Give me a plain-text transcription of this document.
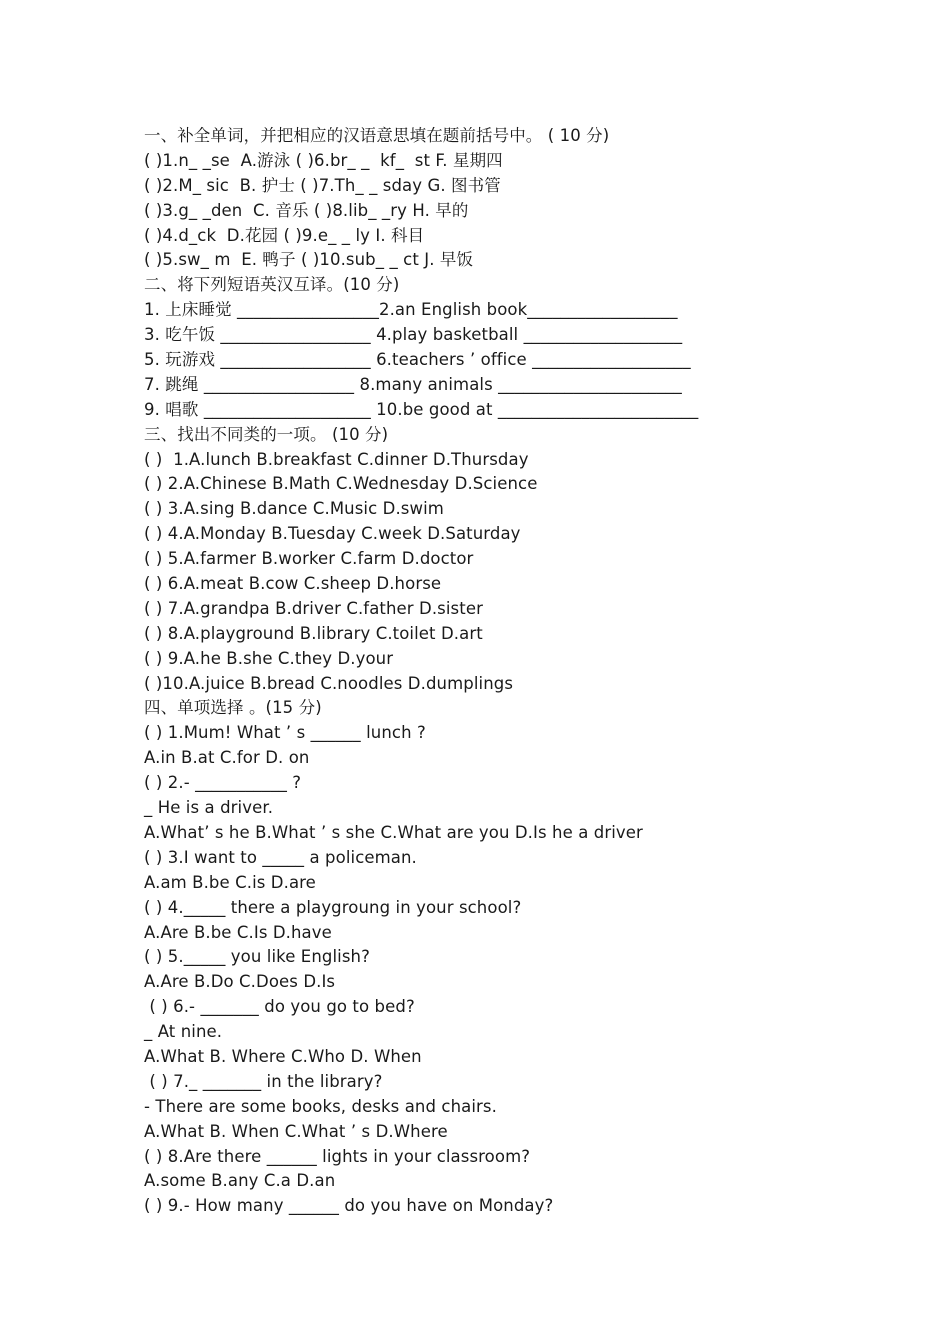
一、补全单词，并把相应的汉语意思填在题前括号中。 ( 10 分)
( )1.n_ _se  A.游泳 ( )6.br_ _  kf_  st F. 星期四
( )2.M_ sic  B. 护士 ( )7.Th_ _ sday G. 图书管
( )3.g_ _den  C. 音乐 ( )8.lib_ _ry H. 早的
( )4.d_ck  D.花园 ( )9.e_ _ ly I. 科目
( )5.sw_ m  E. 鸭子 ( )10.sub_ _ ct J. 早饭
二、将下列短语英汉互译。(10 分)
1. 上床睡觉 _________________2.an English book__________________
3. 吃午饭 __________________ 4.play basketball ___________________
5. 玩游戏 __________________ 6.teachers ’ office ___________________
7. 跳绳 __________________ 8.many animals ______________________
9. 唱歌 ____________________ 10.be good at ________________________
三、找出不同类的一项。 (10 分)
( )  1.A.lunch B.breakfast C.dinner D.Thursday
( ) 2.A.Chinese B.Math C.Wednesday D.Science
( ) 3.A.sing B.dance C.Music D.swim
( ) 4.A.Monday B.Tuesday C.week D.Saturday
( ) 5.A.farmer B.worker C.farm D.doctor
( ) 6.A.meat B.cow C.sheep D.horse
( ) 7.A.grandpa B.driver C.father D.sister
( ) 8.A.playground B.library C.toilet D.art
( ) 9.A.he B.she C.they D.your
( )10.A.juice B.bread C.noodles D.dumplings
四、单项选择 。(15 分)
( ) 1.Mum! What ’ s ______ lunch ?
A.in B.at C.for D. on
( ) 2.- ___________ ?
_ He is a driver.
A.What’ s he B.What ’ s she C.What are you D.Is he a driver
( ) 3.I want to _____ a policeman.
A.am B.be C.is D.are
( ) 4._____ there a playgroung in your school?
A.Are B.be C.Is D.have
( ) 5._____ you like English?
A.Are B.Do C.Does D.Is
( ) 6.- _______ do you go to bed?
_ At nine.
A.What B. Where C.Who D. When
( ) 7._ _______ in the library?
- There are some books, desks and chairs.
A.What B. When C.What ’ s D.Where
( ) 8.Are there ______ lights in your classroom?
A.some B.any C.a D.an
( ) 9.- How many ______ do you have on Monday?
